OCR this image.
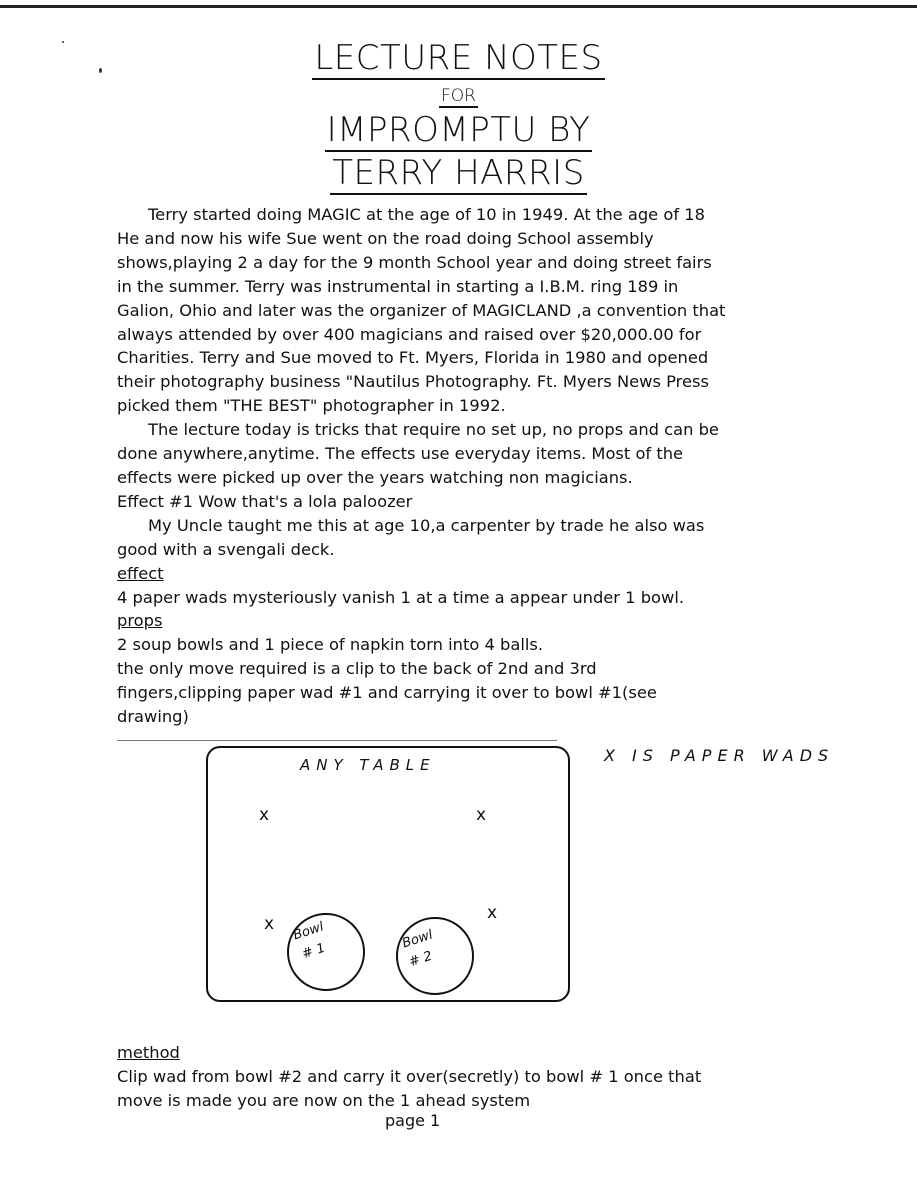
LECTURE NOTES
FOR
IMPROMPTU BY
TERRY HARRIS

Terry started doing MAGIC at the age of 10 in 1949. At the age of 18

He and now his wife Sue went on the road doing School assembly

shows,playing 2 a day for the 9 month School year and doing street fairs

in the summer. Terry was instrumental in starting a I.B.M. ring 189 in

Galion, Ohio and later was the organizer of MAGICLAND ,a convention that

always attended by over 400 magicians and raised over $20,000.00 for

Charities. Terry and Sue moved to Ft. Myers, Florida in 1980 and opened

their photography business "Nautilus Photography. Ft. Myers News Press

picked them "THE BEST" photographer in 1992.

The lecture today is tricks that require no set up, no props and can be

done anywhere,anytime. The effects use everyday items. Most of the

effects were picked up over the years watching non magicians.

Effect #1 Wow that's a lola paloozer

My Uncle taught me this at age 10,a carpenter by trade he also was

good with a svengali deck.

effect

4 paper wads mysteriously vanish 1 at a time a appear under 1 bowl.

props

2 soup bowls and 1 piece of napkin torn into 4 balls.

the only move required is a clip to the back of 2nd and 3rd

fingers,clipping paper wad #1 and carrying it over to bowl #1(see

drawing)

ANY TABLE	X IS PAPER WADS
x	x
x
x
Bowl
# 1
Bowl
# 2

method

Clip wad from bowl #2 and carry it over(secretly) to bowl # 1 once that

move is made you are now on the 1 ahead system

page 1
